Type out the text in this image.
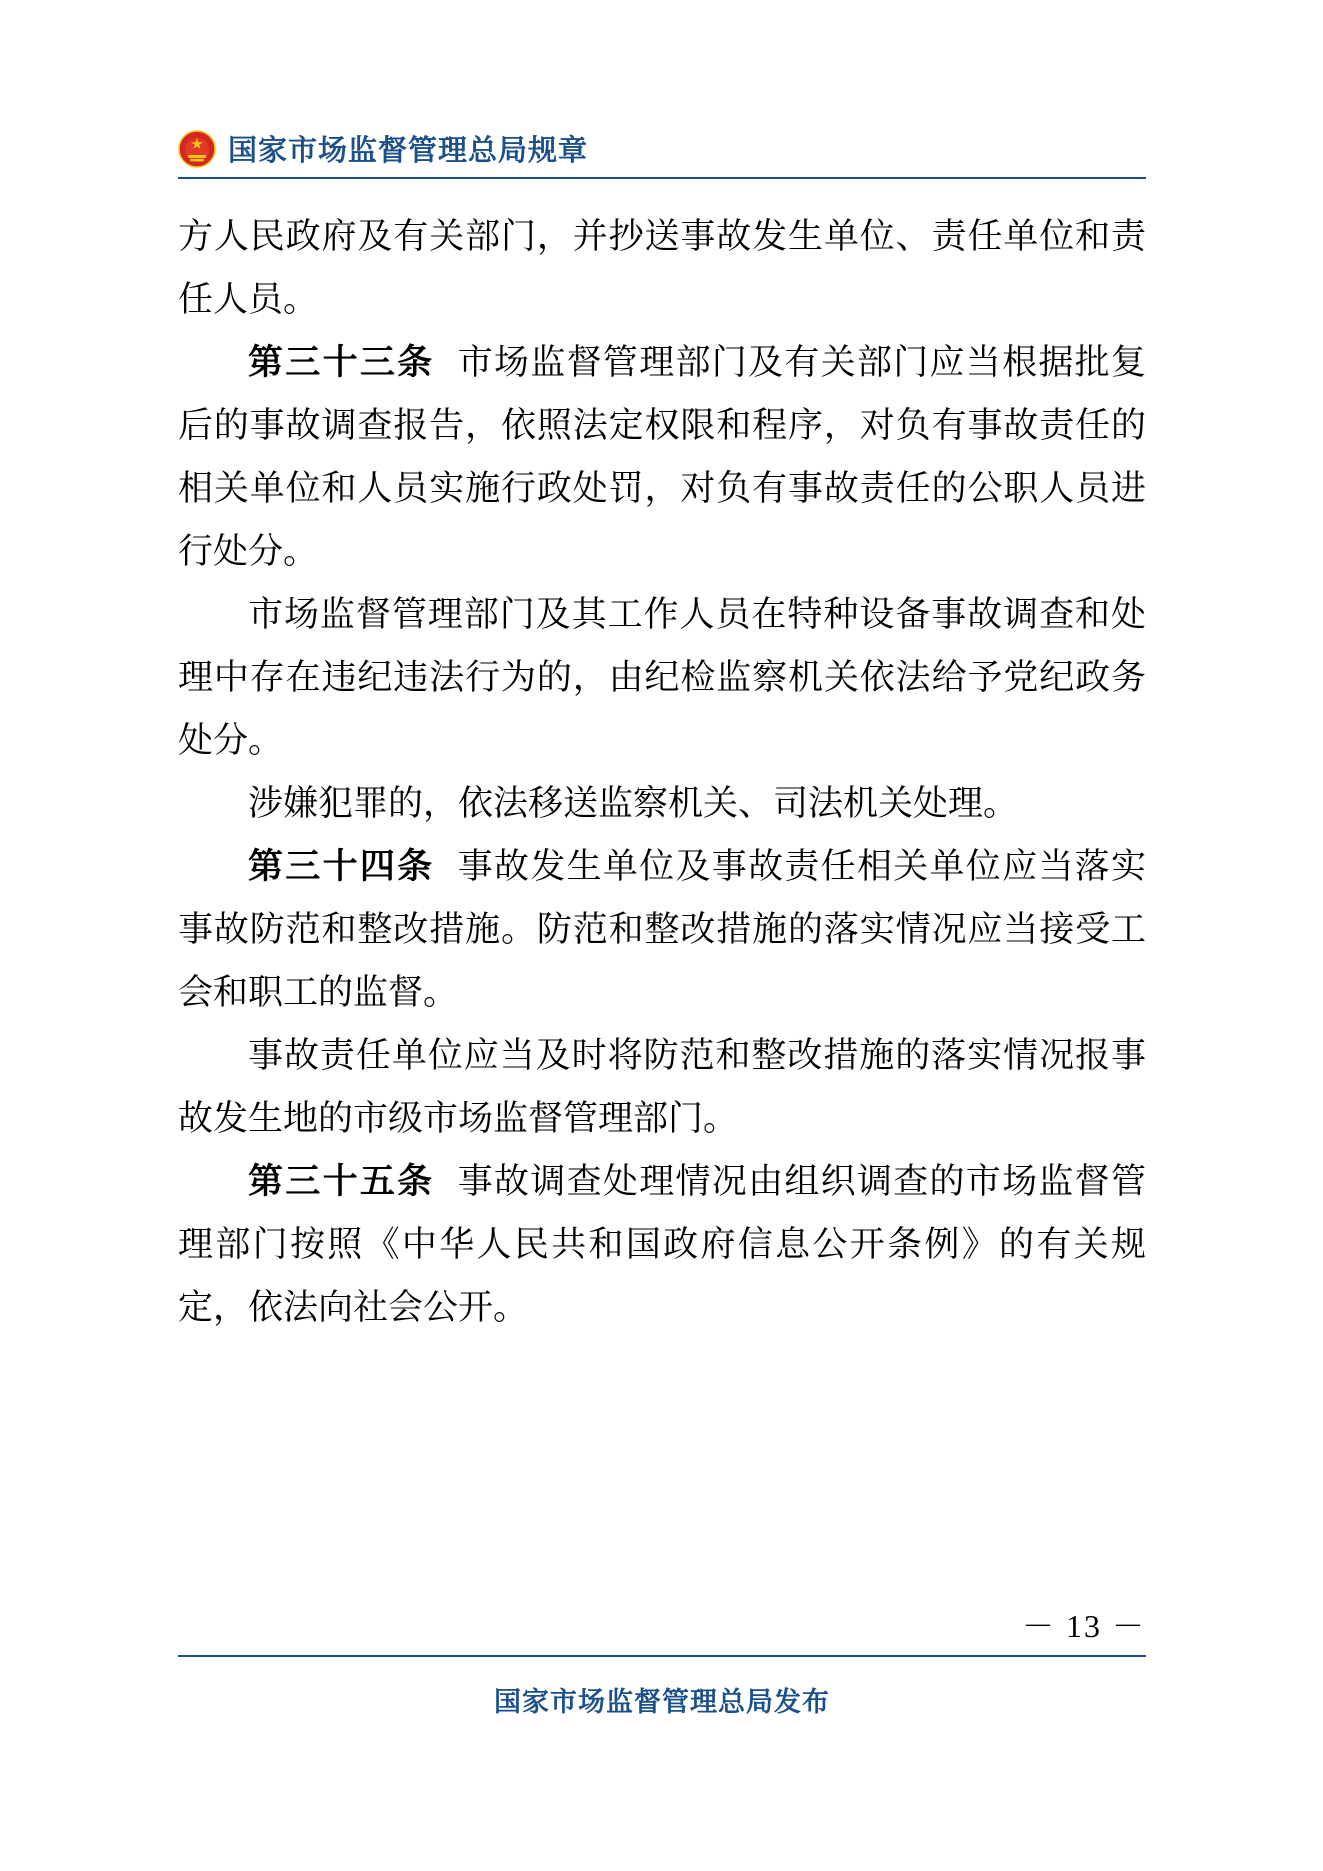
国家市场监督管理总局规章

方人民政府及有关部门，并抄送事故发生单位、责任单位和责任人员。

第三十三条 市场监督管理部门及有关部门应当根据批复后的事故调查报告，依照法定权限和程序，对负有事故责任的相关单位和人员实施行政处罚，对负有事故责任的公职人员进行处分。

市场监督管理部门及其工作人员在特种设备事故调查和处理中存在违纪违法行为的，由纪检监察机关依法给予党纪政务处分。

涉嫌犯罪的，依法移送监察机关、司法机关处理。

第三十四条 事故发生单位及事故责任相关单位应当落实事故防范和整改措施。防范和整改措施的落实情况应当接受工会和职工的监督。

事故责任单位应当及时将防范和整改措施的落实情况报事故发生地的市级市场监督管理部门。

第三十五条 事故调查处理情况由组织调查的市场监督管理部门按照《中华人民共和国政府信息公开条例》的有关规定，依法向社会公开。

－ 13 －
国家市场监督管理总局发布
